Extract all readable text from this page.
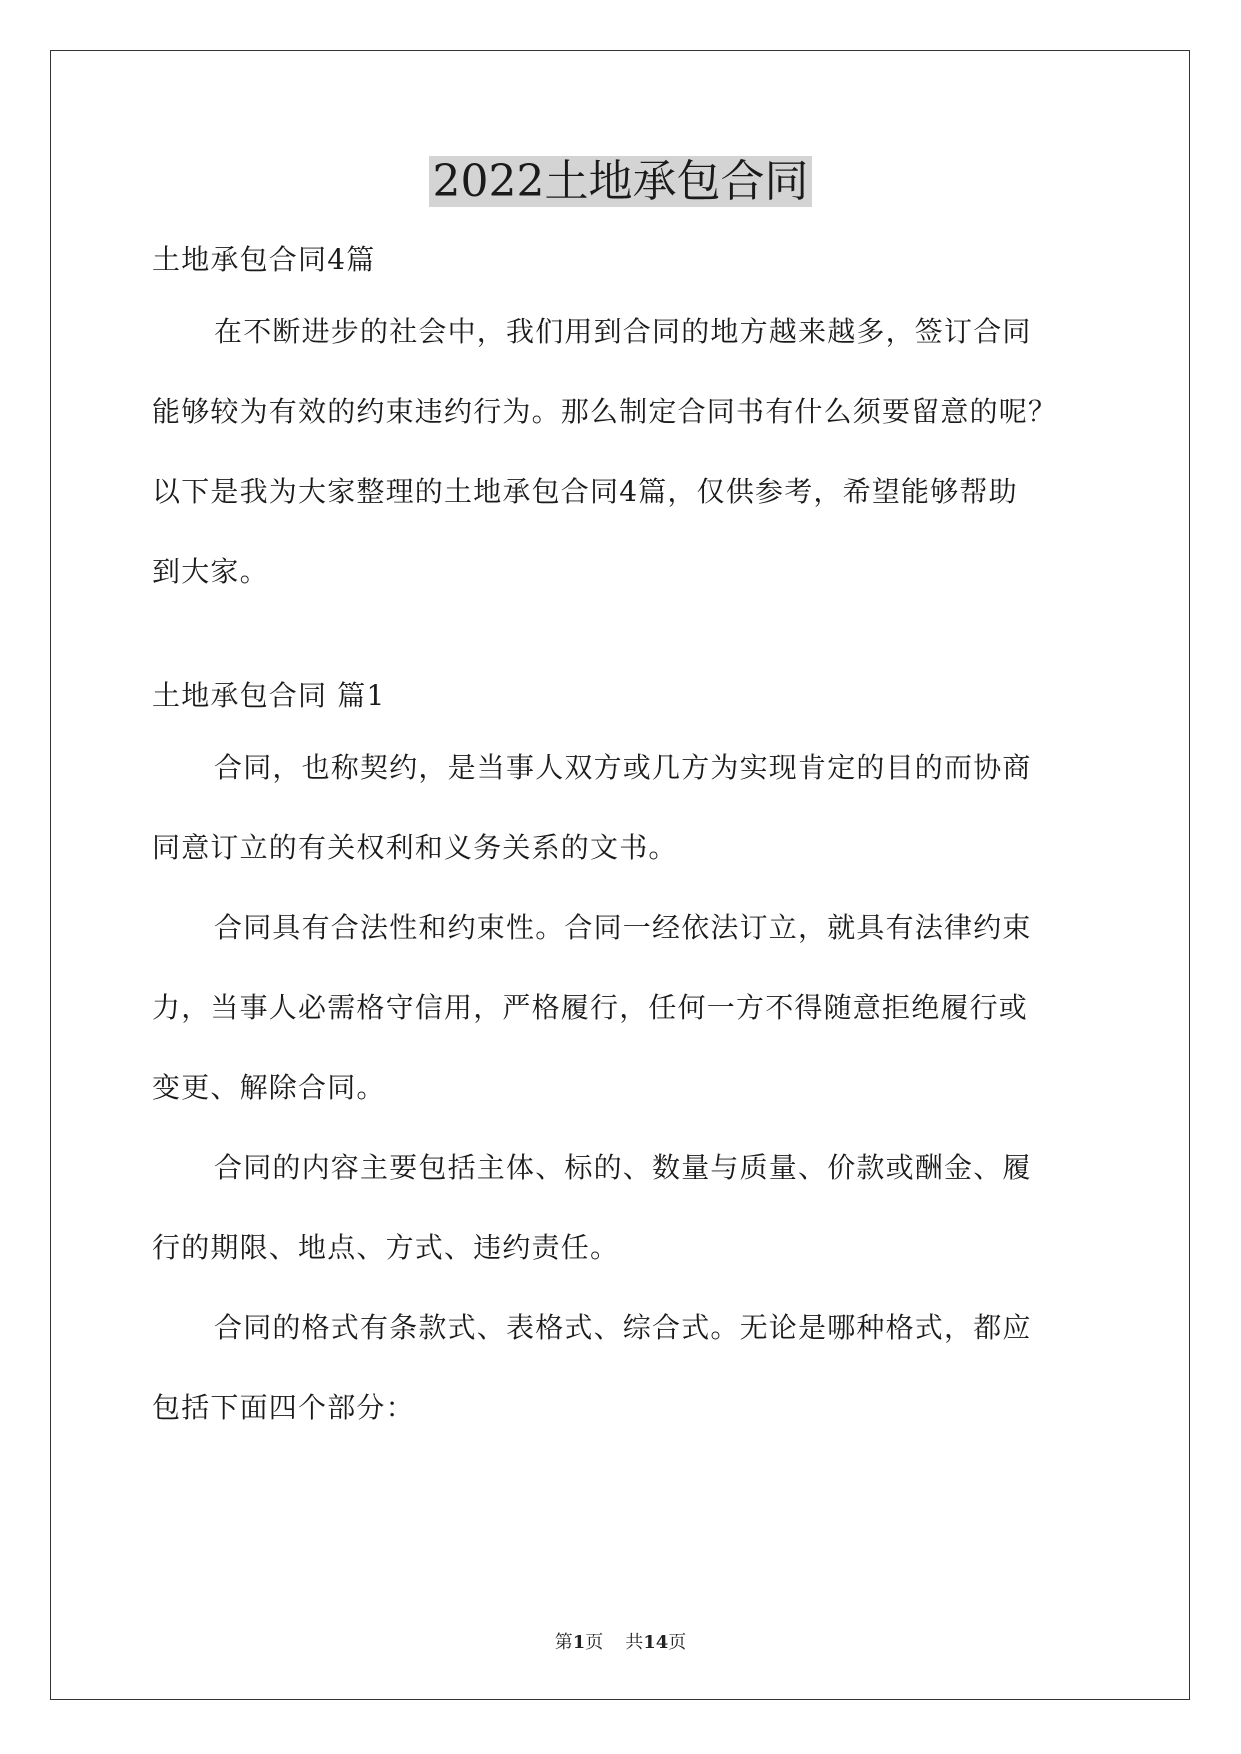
2022土地承包合同
土地承包合同4篇
在不断进步的社会中，我们用到合同的地方越来越多，签订合同
能够较为有效的约束违约行为。那么制定合同书有什么须要留意的呢？
以下是我为大家整理的土地承包合同4篇，仅供参考，希望能够帮助
到大家。
土地承包合同 篇1
合同，也称契约，是当事人双方或几方为实现肯定的目的而协商
同意订立的有关权利和义务关系的文书。
合同具有合法性和约束性。合同一经依法订立，就具有法律约束
力，当事人必需格守信用，严格履行，任何一方不得随意拒绝履行或
变更、解除合同。
合同的内容主要包括主体、标的、数量与质量、价款或酬金、履
行的期限、地点、方式、违约责任。
合同的格式有条款式、表格式、综合式。无论是哪种格式，都应
包括下面四个部分：
第1页 共14页
